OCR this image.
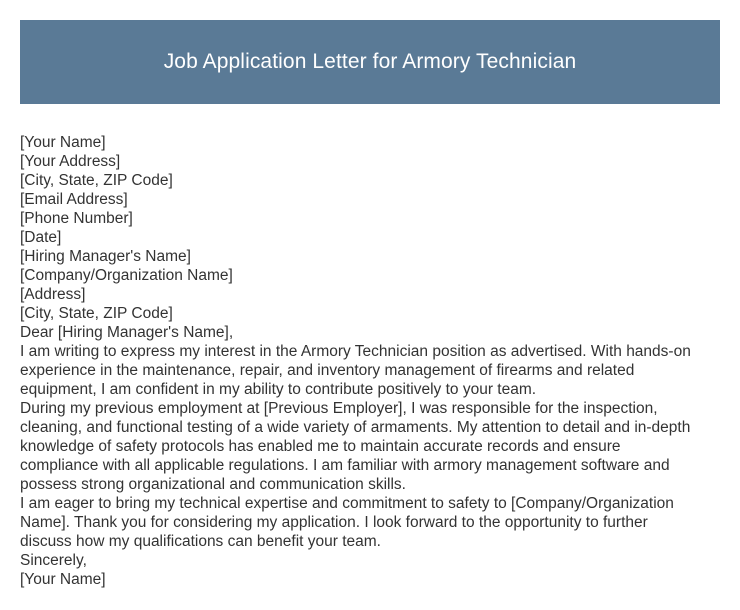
Job Application Letter for Armory Technician
[Your Name]
[Your Address]
[City, State, ZIP Code]
[Email Address]
[Phone Number]
[Date]
[Hiring Manager's Name]
[Company/Organization Name]
[Address]
[City, State, ZIP Code]
Dear [Hiring Manager's Name],
I am writing to express my interest in the Armory Technician position as advertised. With hands-on
experience in the maintenance, repair, and inventory management of firearms and related
equipment, I am confident in my ability to contribute positively to your team.
During my previous employment at [Previous Employer], I was responsible for the inspection,
cleaning, and functional testing of a wide variety of armaments. My attention to detail and in-depth
knowledge of safety protocols has enabled me to maintain accurate records and ensure
compliance with all applicable regulations. I am familiar with armory management software and
possess strong organizational and communication skills.
I am eager to bring my technical expertise and commitment to safety to [Company/Organization
Name]. Thank you for considering my application. I look forward to the opportunity to further
discuss how my qualifications can benefit your team.
Sincerely,
[Your Name]
